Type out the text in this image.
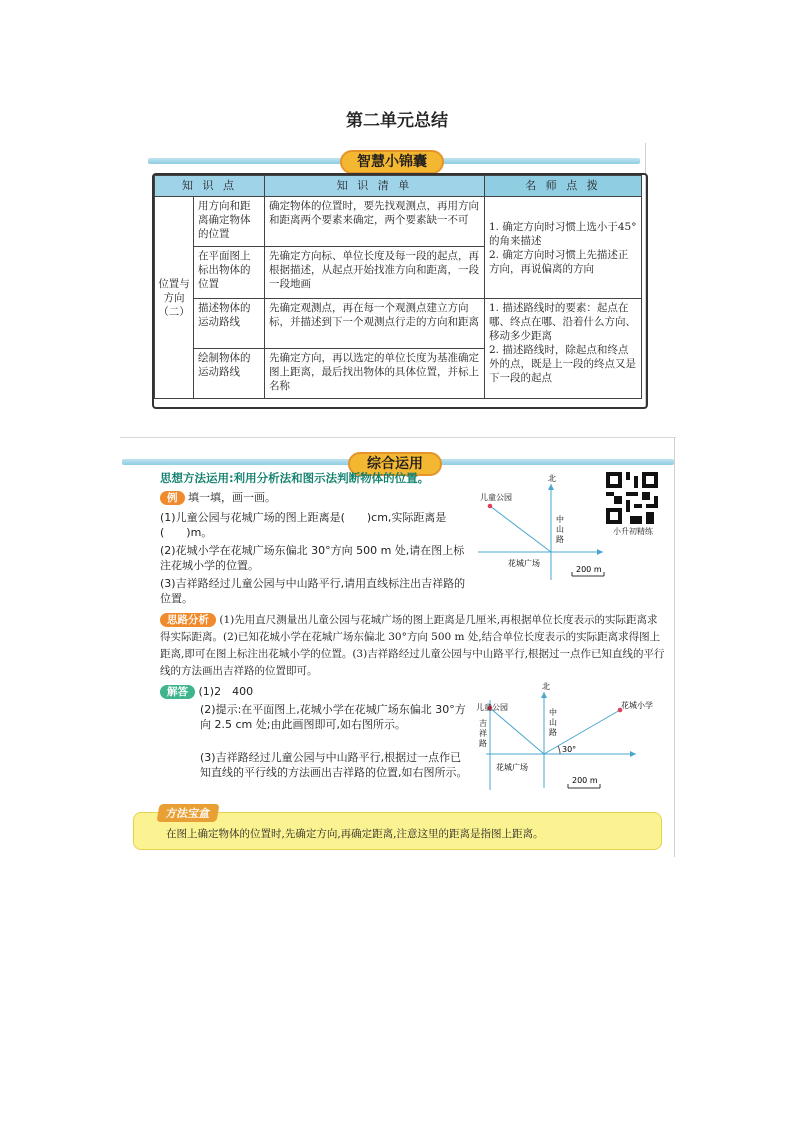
第二单元总结
智慧小锦囊
知 识 点		知 识 清 单	名 师 点 拨
位置与方向（二）	用方向和距离确定物体的位置	确定物体的位置时，要先找观测点，再用方向和距离两个要素来确定，两个要素缺一不可	1. 确定方向时习惯上选小于45°的角来描述
2. 确定方向时习惯上先描述正方向，再说偏离的方向
	在平面图上标出物体的位置	先确定方向标、单位长度及每一段的起点，再根据描述，从起点开始找准方向和距离，一段一段地画	
	描述物体的运动路线	先确定观测点，再在每一个观测点建立方向标，并描述到下一个观测点行走的方向和距离	1. 描述路线时的要素：起点在哪、终点在哪、沿着什么方向、移动多少距离
2. 描述路线时，除起点和终点外的点，既是上一段的终点又是下一段的起点
	绘制物体的运动路线	先确定方向，再以选定的单位长度为基准确定图上距离，最后找出物体的具体位置，并标上名称	
综合运用
思想方法运用:利用分析法和图示法判断物体的位置。
例 填一填，画一画。
(1)儿童公园与花城广场的图上距离是(　　)cm,实际距离是(　　)m。
(2)花城小学在花城广场东偏北 30°方向 500 m 处,请在图上标注花城小学的位置。
(3)吉祥路经过儿童公园与中山路平行,请用直线标注出吉祥路的位置。
北
儿童公园
花城广场
中
山
路
200 m
小升初精练
思路分析 (1)先用直尺测量出儿童公园与花城广场的图上距离是几厘米,再根据单位长度表示的实际距离求得实际距离。(2)已知花城小学在花城广场东偏北 30°方向 500 m 处,结合单位长度表示的实际距离求得图上距离,即可在图上标注出花城小学的位置。(3)吉祥路经过儿童公园与中山路平行,根据过一点作已知直线的平行线的方法画出吉祥路的位置即可。
解答 (1)2　400
(2)提示:在平面图上,花城小学在花城广场东偏北 30°方向 2.5 cm 处;由此画图即可,如右图所示。
(3)吉祥路经过儿童公园与中山路平行,根据过一点作已知直线的平行线的方法画出吉祥路的位置,如右图所示。
北
儿童公园	花城小学
30°
花城广场
中
山
路
吉
祥
路
200 m
方法宝盒
在图上确定物体的位置时,先确定方向,再确定距离,注意这里的距离是指图上距离。
